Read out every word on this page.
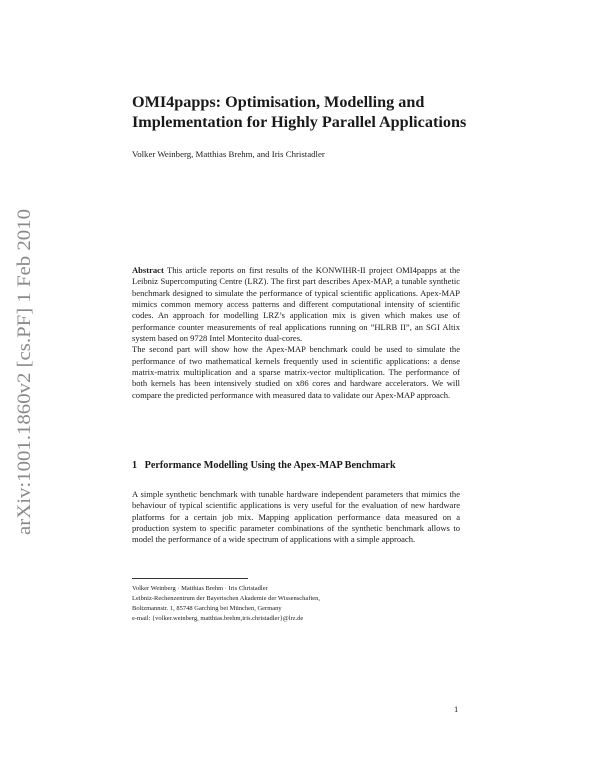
arXiv:1001.1860v2 [cs.PF] 1 Feb 2010
OMI4papps: Optimisation, Modelling and Implementation for Highly Parallel Applications
Volker Weinberg, Matthias Brehm, and Iris Christadler

Abstract This article reports on first results of the KONWIHR-II project OMI4papps at the Leibniz Supercomputing Centre (LRZ). The first part describes Apex-MAP, a tunable synthetic benchmark designed to simulate the performance of typical scientific applications. Apex-MAP mimics common memory access patterns and different computational intensity of scientific codes. An approach for modelling LRZ’s application mix is given which makes use of performance counter measurements of real applications running on ”HLRB II”, an SGI Altix system based on 9728 Intel Montecito dual-cores.

The second part will show how the Apex-MAP benchmark could be used to simulate the performance of two mathematical kernels frequently used in scientific applications: a dense matrix-matrix multiplication and a sparse matrix-vector multiplication. The performance of both kernels has been intensively studied on x86 cores and hardware accelerators. We will compare the predicted performance with measured data to validate our Apex-MAP approach.

1 Performance Modelling Using the Apex-MAP Benchmark

A simple synthetic benchmark with tunable hardware independent parameters that mimics the behaviour of typical scientific applications is very useful for the evaluation of new hardware platforms for a certain job mix. Mapping application performance data measured on a production system to specific parameter combinations of the synthetic benchmark allows to model the performance of a wide spectrum of applications with a simple approach.

Volker Weinberg · Matthias Brehm · Iris Christadler
Leibniz-Rechenzentrum der Bayerischen Akademie der Wissenschaften,
Boltzmannstr. 1, 85748 Garching bei München, Germany
e-mail: {volker.weinberg, matthias.brehm,iris.christadler}@lrz.de
1
